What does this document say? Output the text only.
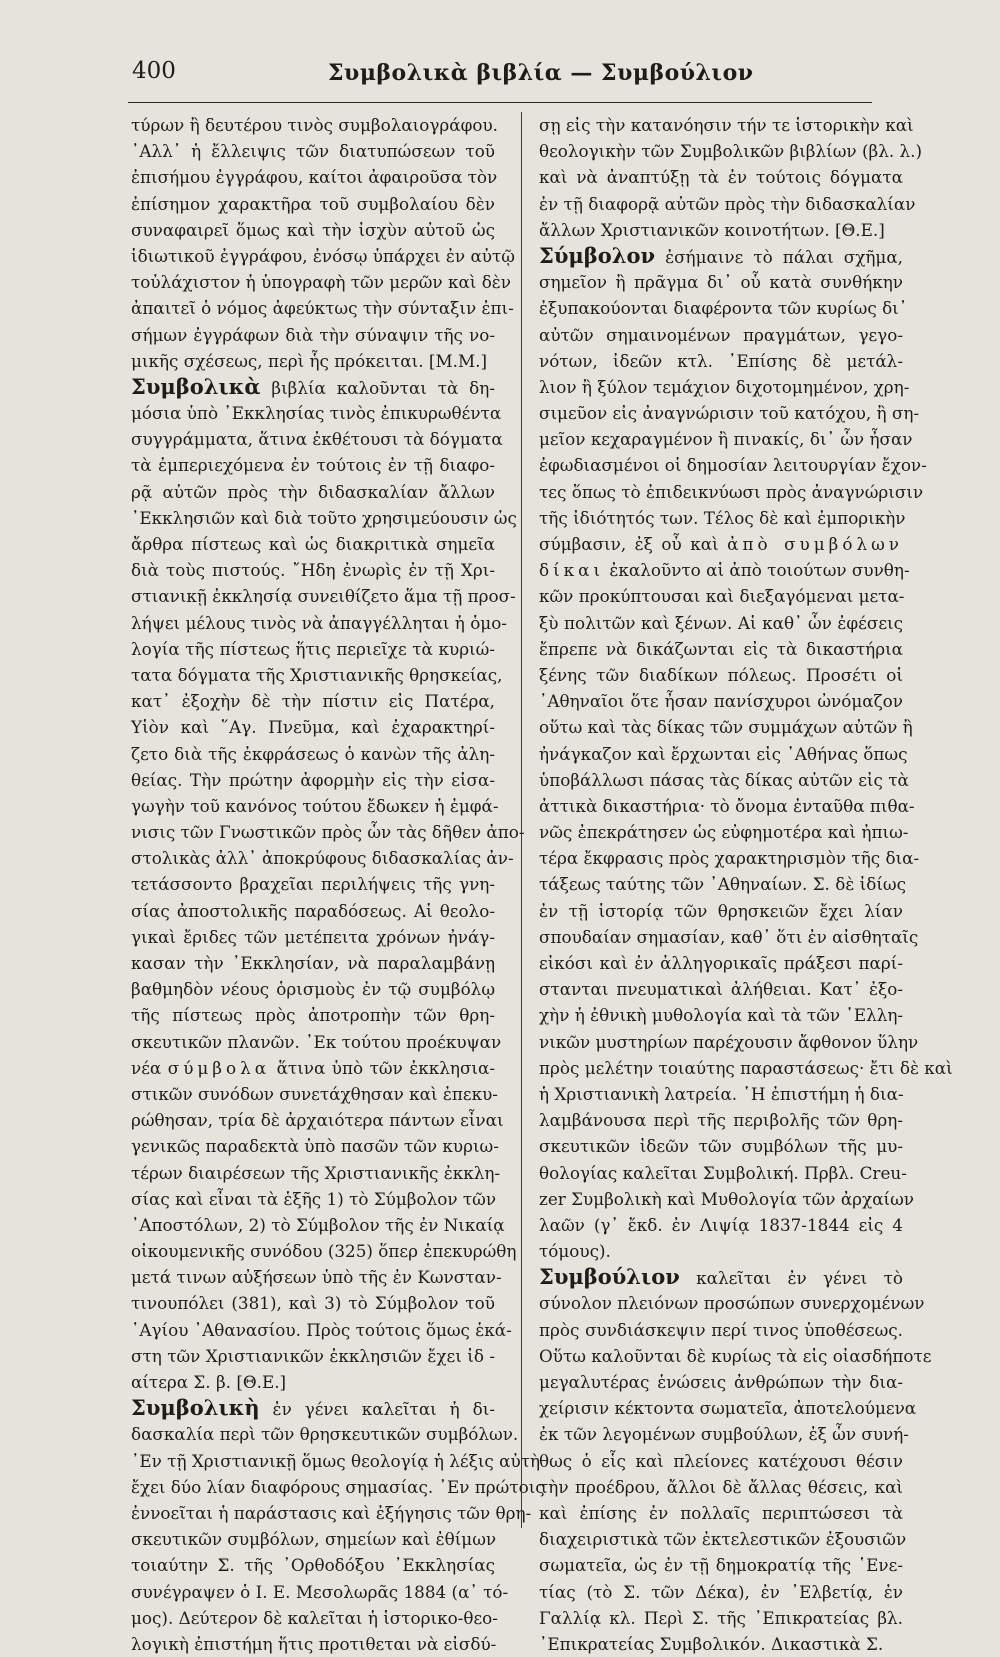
400	Συμβολικὰ βιβλία — Συμβούλιον
τύρων ἢ δευτέρου τινὸς συμβολαιογράφου.
᾿Αλλ᾿ ἡ ἔλλειψις τῶν διατυπώσεων τοῦ
ἐπισήμου ἐγγράφου, καίτοι ἀφαιροῦσα τὸν
ἐπίσημον χαρακτῆρα τοῦ συμβολαίου δὲν
συναφαιρεῖ ὅμως καὶ τὴν ἰσχὺν αὐτοῦ ὡς
ἰδιωτικοῦ ἐγγράφου, ἐνόσῳ ὑπάρχει ἐν αὐτῷ
τοὐλάχιστον ἡ ὑπογραφὴ τῶν μερῶν καὶ δὲν
ἀπαιτεῖ ὁ νόμος ἀφεύκτως τὴν σύνταξιν ἐπι-
σήμων ἐγγράφων διὰ τὴν σύναψιν τῆς νο-
μικῆς σχέσεως, περὶ ἧς πρόκειται. [Μ.Μ.]
Συμβολικὰ βιβλία καλοῦνται τὰ δη-
μόσια ὑπὸ ᾿Εκκλησίας τινὸς ἐπικυρωθέντα
συγγράμματα, ἅτινα ἐκθέτουσι τὰ δόγματα
τὰ ἐμπεριεχόμενα ἐν τούτοις ἐν τῇ διαφο-
ρᾷ αὐτῶν πρὸς τὴν διδασκαλίαν ἄλλων
᾿Εκκλησιῶν καὶ διὰ τοῦτο χρησιμεύουσιν ὡς
ἄρθρα πίστεως καὶ ὡς διακριτικὰ σημεῖα
διὰ τοὺς πιστούς. ῎Ηδη ἐνωρὶς ἐν τῇ Χρι-
στιανικῇ ἐκκλησίᾳ συνειθίζετο ἅμα τῇ προσ-
λήψει μέλους τινὸς νὰ ἀπαγγέλληται ἡ ὁμο-
λογία τῆς πίστεως ἥτις περιεῖχε τὰ κυριώ-
τατα δόγματα τῆς Χριστιανικῆς θρησκείας,
κατ᾿ ἐξοχὴν δὲ τὴν πίστιν εἰς Πατέρα,
Υἱὸν καὶ ῞Αγ. Πνεῦμα, καὶ ἐχαρακτηρί-
ζετο διὰ τῆς ἐκφράσεως ὁ κανὼν τῆς ἀλη-
θείας. Τὴν πρώτην ἀφορμὴν εἰς τὴν εἰσα-
γωγὴν τοῦ κανόνος τούτου ἔδωκεν ἡ ἐμφά-
νισις τῶν Γνωστικῶν πρὸς ὧν τὰς δῆθεν ἀπο-
στολικὰς ἀλλ᾿ ἀποκρύφους διδασκαλίας ἀν-
τετάσσοντο βραχεῖαι περιλήψεις τῆς γνη-
σίας ἀποστολικῆς παραδόσεως. Αἱ θεολο-
γικαὶ ἔριδες τῶν μετέπειτα χρόνων ἠνάγ-
κασαν τὴν ᾿Εκκλησίαν, νὰ παραλαμβάνῃ
βαθμηδὸν νέους ὁρισμοὺς ἐν τῷ συμβόλῳ
τῆς πίστεως πρὸς ἀποτροπὴν τῶν θρη-
σκευτικῶν πλανῶν. ᾿Εκ τούτου προέκυψαν
νέα σύμβολα ἅτινα ὑπὸ τῶν ἐκκλησια-
στικῶν συνόδων συνετάχθησαν καὶ ἐπεκυ-
ρώθησαν, τρία δὲ ἀρχαιότερα πάντων εἶναι
γενικῶς παραδεκτὰ ὑπὸ πασῶν τῶν κυριω-
τέρων διαιρέσεων τῆς Χριστιανικῆς ἐκκλη-
σίας καὶ εἶναι τὰ ἑξῆς 1) τὸ Σύμβολον τῶν
᾿Αποστόλων, 2) τὸ Σύμβολον τῆς ἐν Νικαίᾳ
οἰκουμενικῆς συνόδου (325) ὅπερ ἐπεκυρώθη
μετά τινων αὐξήσεων ὑπὸ τῆς ἐν Κωνσταν-
τινουπόλει (381), καὶ 3) τὸ Σύμβολον τοῦ
῾Αγίου ᾿Αθανασίου. Πρὸς τούτοις ὅμως ἑκά-
στη τῶν Χριστιανικῶν ἐκκλησιῶν ἔχει ἰδ -
αίτερα Σ. β. [Θ.Ε.]
Συμβολικὴ ἐν γένει καλεῖται ἡ δι-
δασκαλία περὶ τῶν θρησκευτικῶν συμβόλων.
᾿Εν τῇ Χριστιανικῇ ὅμως θεολογίᾳ ἡ λέξις αὐτὴ
ἔχει δύο λίαν διαφόρους σημασίας. ᾿Εν πρώτοις
ἐννοεῖται ἡ παράστασις καὶ ἐξήγησις τῶν θρη-
σκευτικῶν συμβόλων, σημείων καὶ ἐθίμων
τοιαύτην Σ. τῆς ᾿Ορθοδόξου ᾿Εκκλησίας
συνέγραψεν ὁ Ι. Ε. Μεσολωρᾶς 1884 (α᾿ τό-
μος). Δεύτερον δὲ καλεῖται ἡ ἱστορικο-θεο-
λογικὴ ἐπιστήμη ἥτις προτιθεται νὰ εἰσδύ-
σῃ εἰς τὴν κατανόησιν τήν τε ἱστορικὴν καὶ
θεολογικὴν τῶν Συμβολικῶν βιβλίων (βλ. λ.)
καὶ νὰ ἀναπτύξῃ τὰ ἐν τούτοις δόγματα
ἐν τῇ διαφορᾷ αὐτῶν πρὸς τὴν διδασκαλίαν
ἄλλων Χριστιανικῶν κοινοτήτων. [Θ.Ε.]
Σύμβολον ἐσήμαινε τὸ πάλαι σχῆμα,
σημεῖον ἢ πρᾶγμα δι᾿ οὗ κατὰ συνθήκην
ἐξυπακούονται διαφέροντα τῶν κυρίως δι᾿
αὐτῶν σημαινομένων πραγμάτων, γεγο-
νότων, ἰδεῶν κτλ. ᾿Επίσης δὲ μετάλ-
λιον ἢ ξύλον τεμάχιον διχοτομημένον, χρη-
σιμεῦον εἰς ἀναγνώρισιν τοῦ κατόχου, ἢ ση-
μεῖον κεχαραγμένον ἢ πινακίς, δι᾿ ὧν ἦσαν
ἐφωδιασμένοι οἱ δημοσίαν λειτουργίαν ἔχον-
τες ὅπως τὸ ἐπιδεικνύωσι πρὸς ἀναγνώρισιν
τῆς ἰδιότητός των. Τέλος δὲ καὶ ἐμπορικὴν
σύμβασιν, ἐξ οὗ καὶ ἀπὸ συμβόλων
δίκαι ἐκαλοῦντο αἱ ἀπὸ τοιούτων συνθη-
κῶν προκύπτουσαι καὶ διεξαγόμεναι μετα-
ξὺ πολιτῶν καὶ ξένων. Αἱ καθ᾿ ὧν ἐφέσεις
ἔπρεπε νὰ δικάζωνται εἰς τὰ δικαστήρια
ξένης τῶν διαδίκων πόλεως. Προσέτι οἱ
᾿Αθηναῖοι ὅτε ἦσαν πανίσχυροι ὠνόμαζον
οὕτω καὶ τὰς δίκας τῶν συμμάχων αὐτῶν ἢ
ἠνάγκαζον καὶ ἔρχωνται εἰς ᾿Αθήνας ὅπως
ὑποβάλλωσι πάσας τὰς δίκας αὐτῶν εἰς τὰ
ἀττικὰ δικαστήρια· τὸ ὄνομα ἐνταῦθα πιθα-
νῶς ἐπεκράτησεν ὡς εὐφημοτέρα καὶ ἠπιω-
τέρα ἔκφρασις πρὸς χαρακτηρισμὸν τῆς δια-
τάξεως ταύτης τῶν ᾿Αθηναίων. Σ. δὲ ἰδίως
ἐν τῇ ἱστορίᾳ τῶν θρησκειῶν ἔχει λίαν
σπουδαίαν σημασίαν, καθ᾿ ὅτι ἐν αἰσθηταῖς
εἰκόσι καὶ ἐν ἀλληγορικαῖς πράξεσι παρί-
στανται πνευματικαὶ ἀλήθειαι. Κατ᾿ ἐξο-
χὴν ἡ ἐθνικὴ μυθολογία καὶ τὰ τῶν ῾Ελλη-
νικῶν μυστηρίων παρέχουσιν ἄφθονον ὕλην
πρὸς μελέτην τοιαύτης παραστάσεως· ἔτι δὲ καὶ
ἡ Χριστιανικὴ λατρεία. ῾Η ἐπιστήμη ἡ δια-
λαμβάνουσα περὶ τῆς περιβολῆς τῶν θρη-
σκευτικῶν ἰδεῶν τῶν συμβόλων τῆς μυ-
θολογίας καλεῖται Συμβολική. Πρβλ. Creu-
zer Συμβολικὴ καὶ Μυθολογία τῶν ἀρχαίων
λαῶν (γ᾿ ἔκδ. ἐν Λιψίᾳ 1837-1844 εἰς 4
τόμους).
Συμβούλιον καλεῖται ἐν γένει τὸ
σύνολον πλειόνων προσώπων συνερχομένων
πρὸς συνδιάσκεψιν περί τινος ὑποθέσεως.
Οὕτω καλοῦνται δὲ κυρίως τὰ εἰς οἰασδήποτε
μεγαλυτέρας ἑνώσεις ἀνθρώπων τὴν δια-
χείρισιν κέκτοντα σωματεῖα, ἀποτελούμενα
ἐκ τῶν λεγομένων συμβούλων, ἐξ ὧν συνή-
θως ὁ εἷς καὶ πλείονες κατέχουσι θέσιν
τὴν προέδρου, ἄλλοι δὲ ἄλλας θέσεις, καὶ
καὶ ἐπίσης ἐν πολλαῖς περιπτώσεσι τὰ
διαχειριστικὰ τῶν ἐκτελεστικῶν ἐξουσιῶν
σωματεῖα, ὡς ἐν τῇ δημοκρατίᾳ τῆς ῾Ενε-
τίας (τὸ Σ. τῶν Δέκα), ἐν ᾿Ελβετίᾳ, ἐν
Γαλλίᾳ κλ. Περὶ Σ. τῆς ᾿Επικρατείας βλ.
᾿Επικρατείας Συμβολικόν. Δικαστικὰ Σ.
